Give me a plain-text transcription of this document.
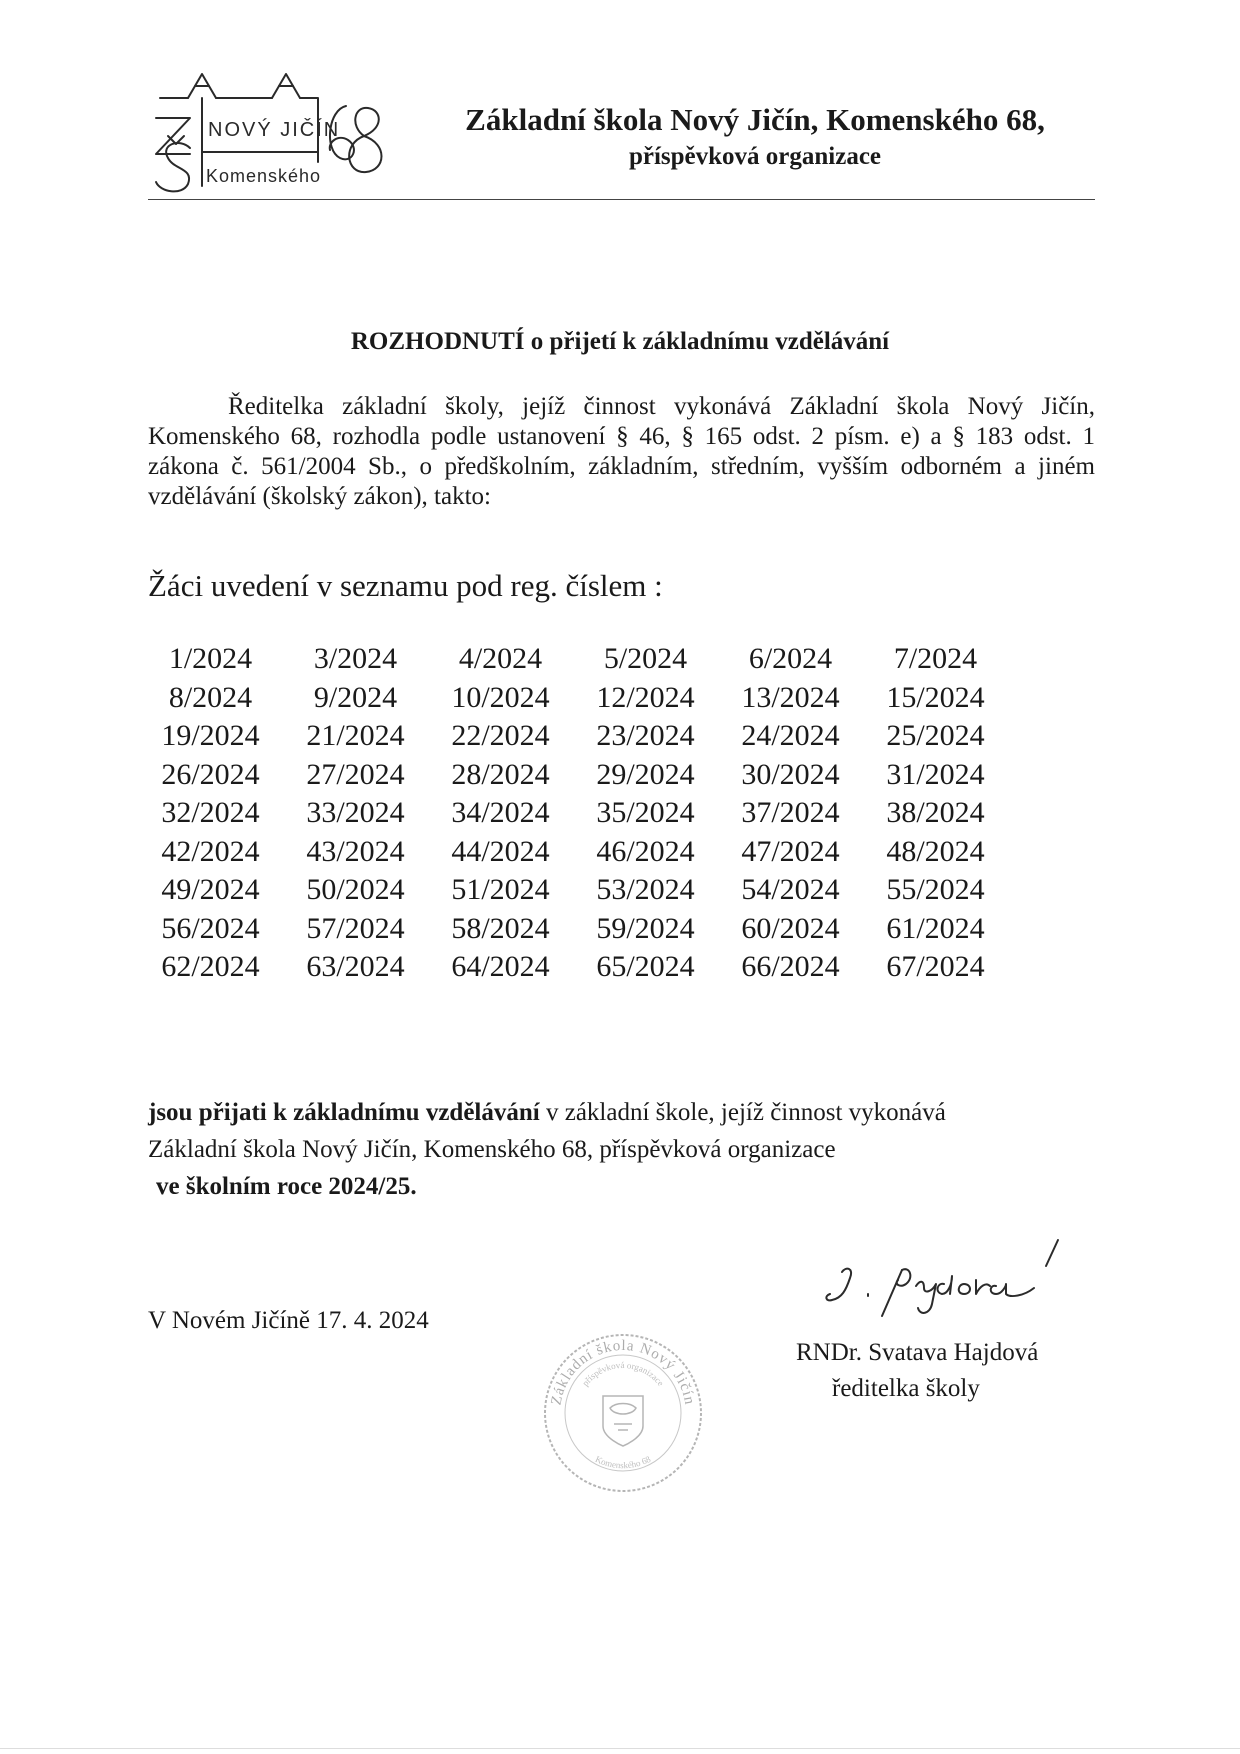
NOVÝ JIČÍN
Komenského

Základní škola Nový Jičín, Komenského 68,

příspěvková organizace

ROZHODNUTÍ o přijetí k základnímu vzdělávání

Ředitelka základní školy, jejíž činnost vykonává Základní škola Nový Jičín, Komenského 68, rozhodla podle ustanovení § 46, § 165 odst. 2 písm. e) a § 183 odst. 1 zákona č. 561/2004 Sb., o předškolním, základním, středním, vyšším odborném a jiném vzdělávání (školský zákon), takto:

Žáci uvedení v seznamu pod reg. číslem :

1/2024	3/2024	4/2024	5/2024	6/2024	7/2024
8/2024	9/2024	10/2024	12/2024	13/2024	15/2024
19/2024	21/2024	22/2024	23/2024	24/2024	25/2024
26/2024	27/2024	28/2024	29/2024	30/2024	31/2024
32/2024	33/2024	34/2024	35/2024	37/2024	38/2024
42/2024	43/2024	44/2024	46/2024	47/2024	48/2024
49/2024	50/2024	51/2024	53/2024	54/2024	55/2024
56/2024	57/2024	58/2024	59/2024	60/2024	61/2024
62/2024	63/2024	64/2024	65/2024	66/2024	67/2024

jsou přijati k základnímu vzdělávání v základní škole, jejíž činnost vykonává
Základní škola Nový Jičín, Komenského 68, příspěvková organizace
ve školním roce 2024/25.

V Novém Jičíně 17. 4. 2024

Základní škola Nový Jičín
příspěvková organizace
Komenského 68

RNDr. Svatava Hajdová

ředitelka školy
